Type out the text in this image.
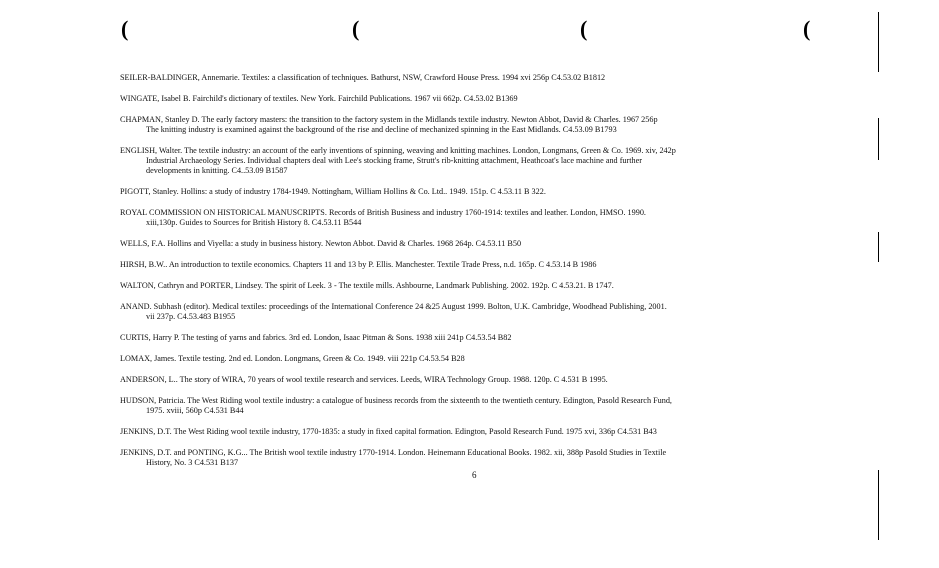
(	(	(	(
SEILER-BALDINGER, Annemarie. Textiles: a classification of techniques. Bathurst, NSW, Crawford House Press. 1994 xvi 256p C4.53.02 B1812
WINGATE, Isabel B. Fairchild's dictionary of textiles. New York. Fairchild Publications. 1967 vii 662p. C4.53.02 B1369
CHAPMAN, Stanley D. The early factory masters: the transition to the factory system in the Midlands textile industry. Newton Abbot, David & Charles. 1967 256p
The knitting industry is examined against the background of the rise and decline of mechanized spinning in the East Midlands. C4.53.09 B1793
ENGLISH, Walter. The textile industry: an account of the early inventions of spinning, weaving and knitting machines. London, Longmans, Green & Co. 1969. xiv, 242p
Industrial Archaeology Series. Individual chapters deal with Lee's stocking frame, Strutt's rib-knitting attachment, Heathcoat's lace machine and further
developments in knitting. C4..53.09 B1587
PIGOTT, Stanley. Hollins: a study of industry 1784-1949. Nottingham, William Hollins & Co. Ltd.. 1949. 151p. C 4.53.11 B 322.
ROYAL COMMISSION ON HISTORICAL MANUSCRIPTS. Records of British Business and industry 1760-1914: textiles and leather. London, HMSO. 1990.
xiii,130p. Guides to Sources for British History 8. C4.53.11 B544
WELLS, F.A. Hollins and Viyella: a study in business history. Newton Abbot. David & Charles. 1968 264p. C4.53.11 B50
HIRSH, B.W.. An introduction to textile economics. Chapters 11 and 13 by P. Ellis. Manchester. Textile Trade Press, n.d. 165p. C 4.53.14 B 1986
WALTON, Cathryn and PORTER, Lindsey. The spirit of Leek. 3 - The textile mills. Ashbourne, Landmark Publishing. 2002. 192p. C 4.53.21. B 1747.
ANAND. Subhash (editor). Medical textiles: proceedings of the International Conference 24 &25 August 1999. Bolton, U.K. Cambridge, Woodhead Publishing, 2001.
vii 237p. C4.53.483 B1955
CURTIS, Harry P. The testing of yarns and fabrics. 3rd ed. London, Isaac Pitman & Sons. 1938 xiii 241p C4.53.54 B82
LOMAX, James. Textile testing. 2nd ed. London. Longmans, Green & Co. 1949. viii 221p C4.53.54 B28
ANDERSON, L.. The story of WIRA, 70 years of wool textile research and services. Leeds, WIRA Technology Group. 1988. 120p. C 4.531 B 1995.
HUDSON, Patricia. The West Riding wool textile industry: a catalogue of business records from the sixteenth to the twentieth century. Edington, Pasold Research Fund,
1975. xviii, 560p C4.531 B44
JENKINS, D.T. The West Riding wool textile industry, 1770-1835: a study in fixed capital formation. Edington, Pasold Research Fund. 1975 xvi, 336p C4.531 B43
JENKINS, D.T. and PONTING, K.G... The British wool textile industry 1770-1914. London. Heinemann Educational Books. 1982. xii, 388p Pasold Studies in Textile
History, No. 3 C4.531 B137
6
